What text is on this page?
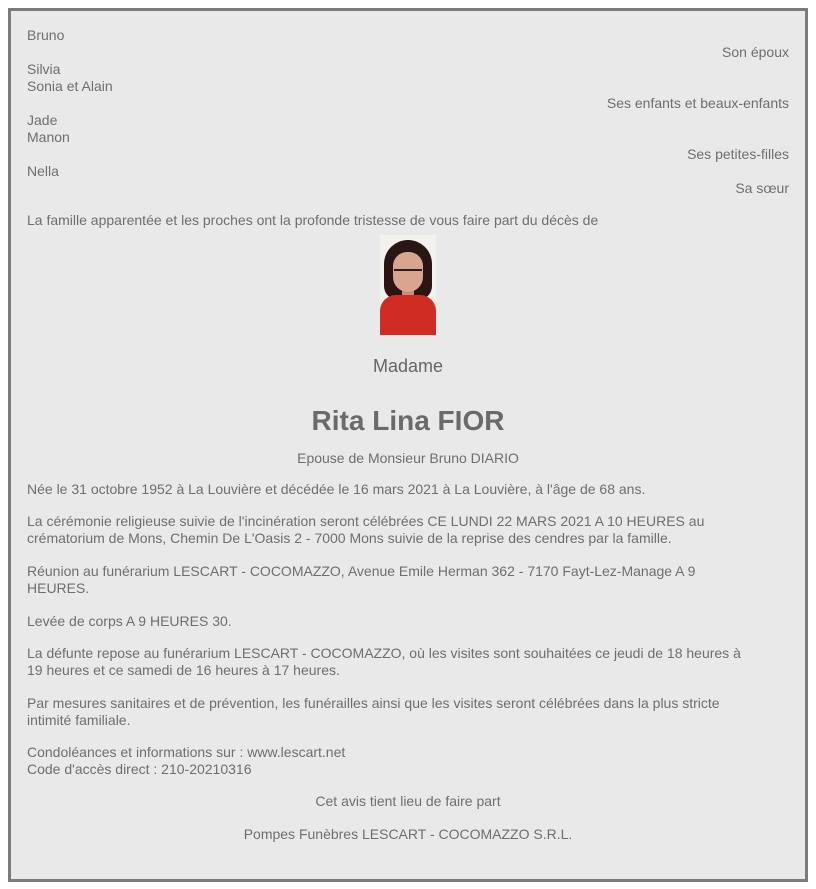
Bruno
Son époux
Silvia
Sonia et Alain
Ses enfants et beaux-enfants
Jade
Manon
Ses petites-filles
Nella
Sa sœur
La famille apparentée et les proches ont la profonde tristesse de vous faire part du décès de
Madame
Rita Lina FIOR
Epouse de Monsieur Bruno DIARIO
Née le 31 octobre 1952 à La Louvière et décédée le 16 mars 2021 à La Louvière, à l'âge de 68 ans.
La cérémonie religieuse suivie de l'incinération seront célébrées CE LUNDI 22 MARS 2021 A 10 HEURES au
crématorium de Mons, Chemin De L'Oasis 2 - 7000 Mons suivie de la reprise des cendres par la famille.
Réunion au funérarium LESCART - COCOMAZZO, Avenue Emile Herman 362 - 7170 Fayt-Lez-Manage A 9
HEURES.
Levée de corps A 9 HEURES 30.
La défunte repose au funérarium LESCART - COCOMAZZO, où les visites sont souhaitées ce jeudi de 18 heures à
19 heures et ce samedi de 16 heures à 17 heures.
Par mesures sanitaires et de prévention, les funérailles ainsi que les visites seront célébrées dans la plus stricte
intimité familiale.
Condoléances et informations sur : www.lescart.net
Code d'accès direct : 210-20210316
Cet avis tient lieu de faire part
Pompes Funèbres LESCART - COCOMAZZO S.R.L.
